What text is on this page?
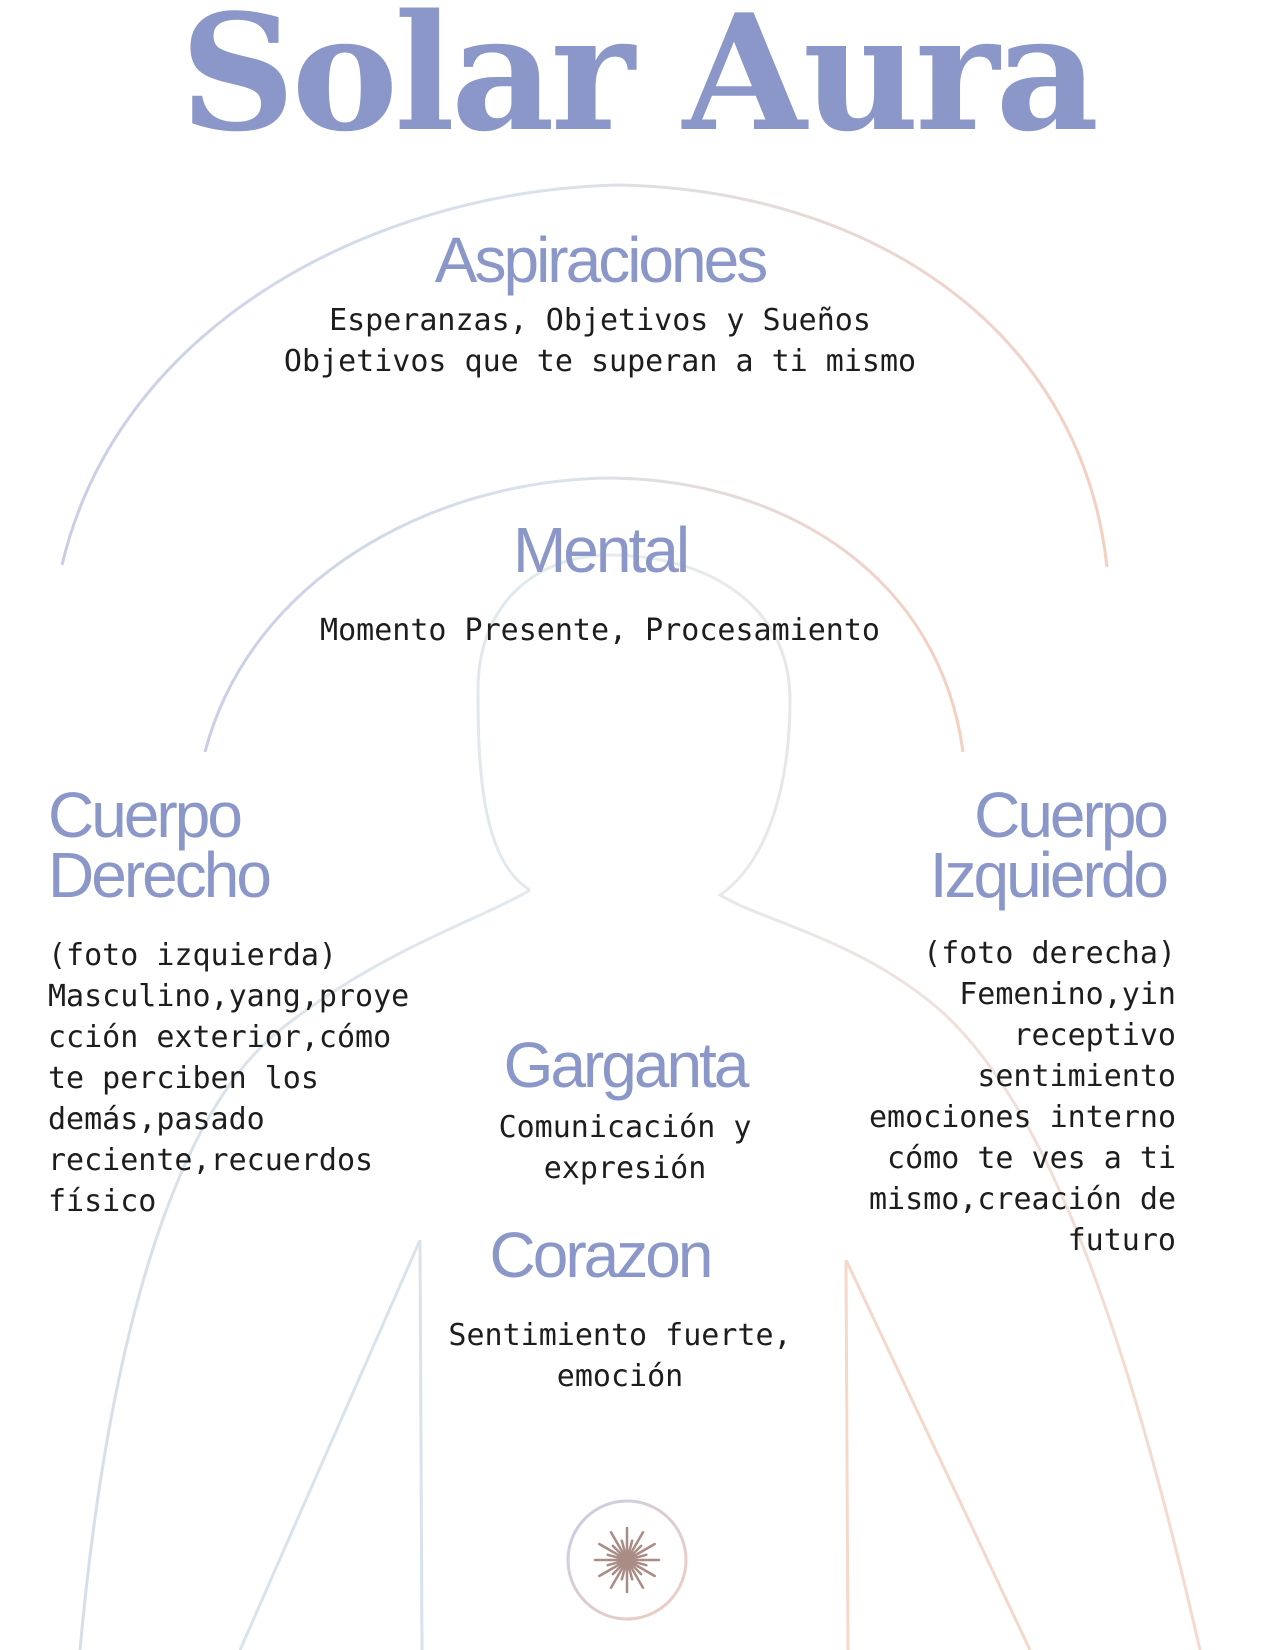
Solar Aura
Aspiraciones
Esperanzas, Objetivos y Sueños
Objetivos que te superan a ti mismo
Mental
Momento Presente, Procesamiento
Cuerpo
Derecho
(foto izquierda)
Masculino,yang,proye
cción exterior,cómo
te perciben los
demás,pasado
reciente,recuerdos
físico
Cuerpo
Izquierdo
(foto derecha)
Femenino,yin
receptivo
sentimiento
emociones interno
cómo te ves a ti
mismo,creación de
futuro
Garganta
Comunicación y
expresión
Corazon
Sentimiento fuerte,
emoción
